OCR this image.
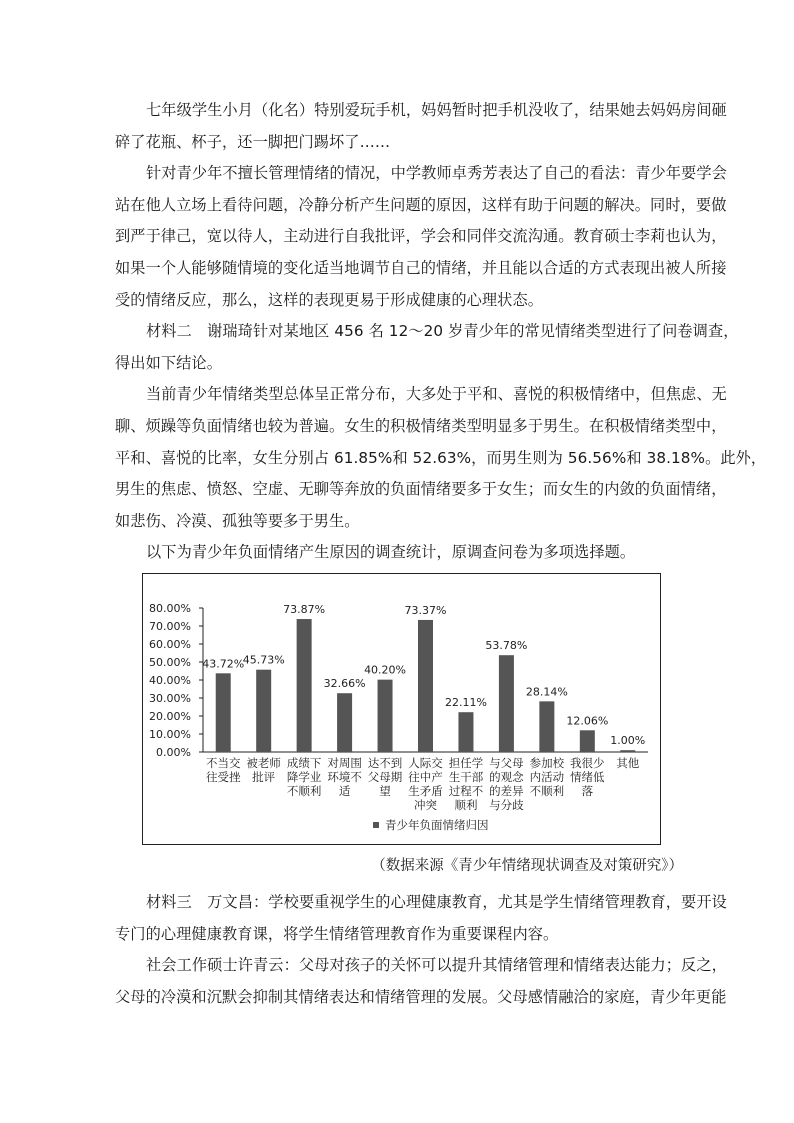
七年级学生小月（化名）特别爱玩手机，妈妈暂时把手机没收了，结果她去妈妈房间砸
碎了花瓶、杯子，还一脚把门踢坏了……
针对青少年不擅长管理情绪的情况，中学教师卓秀芳表达了自己的看法：青少年要学会
站在他人立场上看待问题，冷静分析产生问题的原因，这样有助于问题的解决。同时，要做
到严于律己，宽以待人，主动进行自我批评，学会和同伴交流沟通。教育硕士李莉也认为，
如果一个人能够随情境的变化适当地调节自己的情绪，并且能以合适的方式表现出被人所接
受的情绪反应，那么，这样的表现更易于形成健康的心理状态。
材料二　谢瑞琦针对某地区 456 名 12～20 岁青少年的常见情绪类型进行了问卷调查，
得出如下结论。
当前青少年情绪类型总体呈正常分布，大多处于平和、喜悦的积极情绪中，但焦虑、无
聊、烦躁等负面情绪也较为普遍。女生的积极情绪类型明显多于男生。在积极情绪类型中，
平和、喜悦的比率，女生分别占 61.85%和 52.63%，而男生则为 56.56%和 38.18%。此外，
男生的焦虑、愤怒、空虚、无聊等奔放的负面情绪要多于女生；而女生的内敛的负面情绪，
如悲伤、冷漠、孤独等要多于男生。
以下为青少年负面情绪产生原因的调查统计，原调查问卷为多项选择题。
0.00%
10.00%
20.00%
30.00%
40.00%
50.00%
60.00%
70.00%
80.00%
43.72%
不当交
往受挫
45.73%
被老师
批评
73.87%
成绩下
降学业
不顺利
32.66%
对周围
环境不
适
40.20%
达不到
父母期
望
73.37%
人际交
往中产
生矛盾
冲突
22.11%
担任学
生干部
过程不
顺利
53.78%
与父母
的观念
的差异
与分歧
28.14%
参加校
内活动
不顺利
12.06%
我很少
情绪低
落
1.00%
其他
青少年负面情绪归因
（数据来源《青少年情绪现状调查及对策研究》）
材料三　万文昌：学校要重视学生的心理健康教育，尤其是学生情绪管理教育，要开设
专门的心理健康教育课，将学生情绪管理教育作为重要课程内容。
社会工作硕士许青云：父母对孩子的关怀可以提升其情绪管理和情绪表达能力；反之，
父母的冷漠和沉默会抑制其情绪表达和情绪管理的发展。父母感情融洽的家庭，青少年更能
